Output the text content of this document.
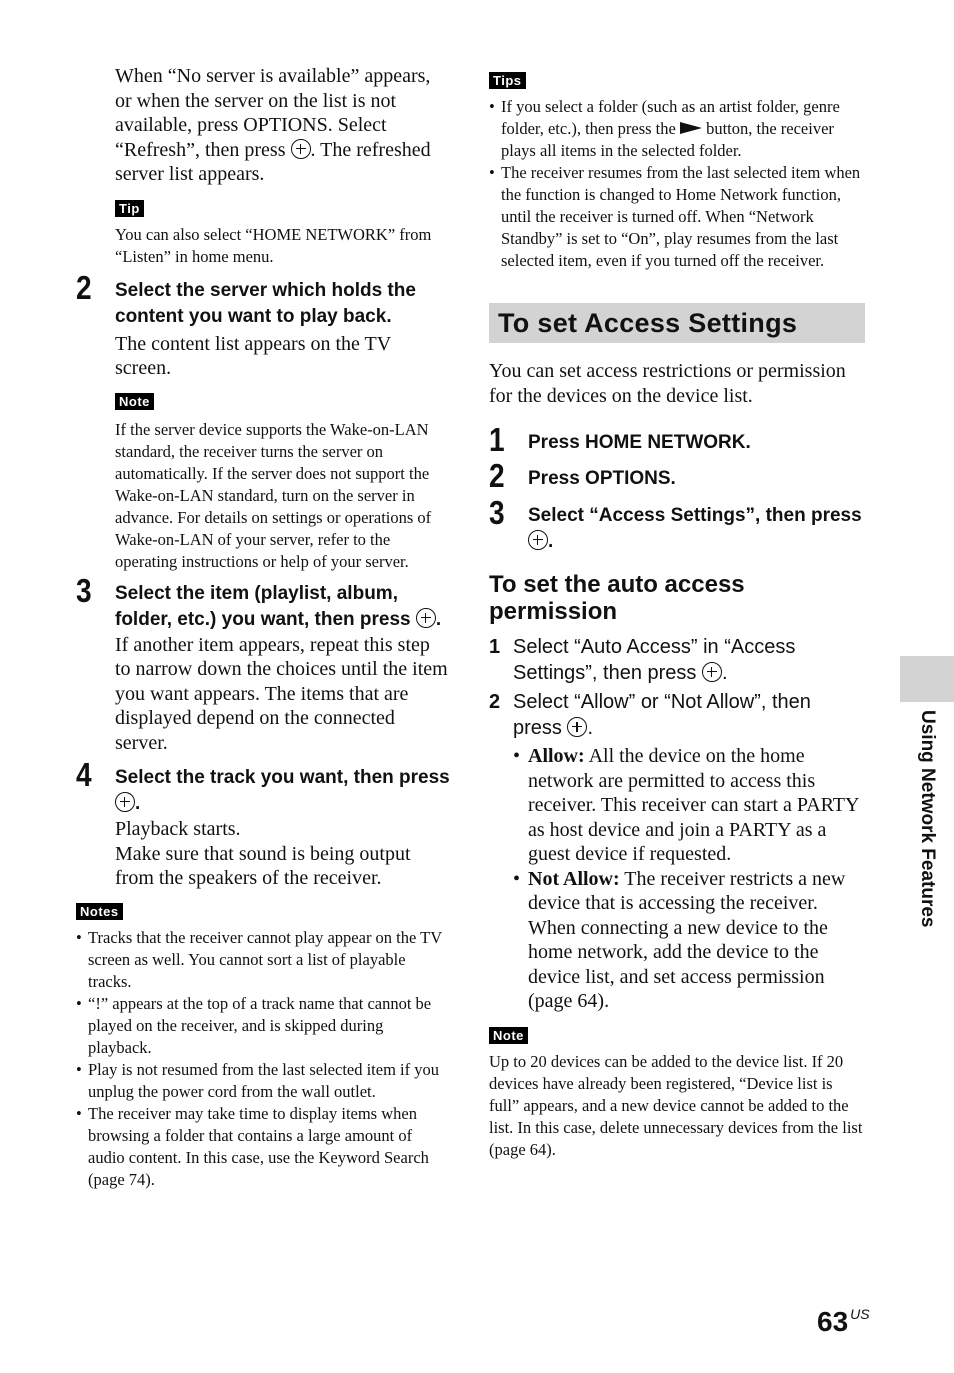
When “No server is available” appears, or when the server on the list is not available, press OPTIONS. Select “Refresh”, then press . The refreshed server list appears.

Tip

You can also select “HOME NETWORK” from “Listen” in home menu.

2 Select the server which holds the content you want to play back.

The content list appears on the TV screen.

Note

If the server device supports the Wake-on-LAN standard, the receiver turns the server on automatically. If the server does not support the Wake-on-LAN standard, turn on the server in advance. For details on settings or operations of Wake-on-LAN of your server, refer to the operating instructions or help of your server.

3 Select the item (playlist, album, folder, etc.) you want, then press .

If another item appears, repeat this step to narrow down the choices until the item you want appears. The items that are displayed depend on the connected server.

4 Select the track you want, then press .

Playback starts.

Make sure that sound is being output from the speakers of the receiver.

Notes
• Tracks that the receiver cannot play appear on the TV screen as well. You cannot sort a list of playable tracks.
• “!” appears at the top of a track name that cannot be played on the receiver, and is skipped during playback.
• Play is not resumed from the last selected item if you unplug the power cord from the wall outlet.
• The receiver may take time to display items when browsing a folder that contains a large amount of audio content. In this case, use the Keyword Search (page 74).
Tips
• If you select a folder (such as an artist folder, genre folder, etc.), then press the  button, the receiver plays all items in the selected folder.
• The receiver resumes from the last selected item when the function is changed to Home Network function, until the receiver is turned off. When “Network Standby” is set to “On”, play resumes from the last selected item, even if you turned off the receiver.
To set Access Settings

You can set access restrictions or permission for the devices on the device list.

1 Press HOME NETWORK.

2 Press OPTIONS.

3 Select “Access Settings”, then press .

To set the auto access permission
1 Select “Auto Access” in “Access Settings”, then press .
2 Select “Allow” or “Not Allow”, then press .
• Allow: All the device on the home network are permitted to access this receiver. This receiver can start a PARTY as host device and join a PARTY as a guest device if requested.
• Not Allow: The receiver restricts a new device that is accessing the receiver. When connecting a new device to the home network, add the device to the device list, and set access permission (page 64).
Note

Up to 20 devices can be added to the device list. If 20 devices have already been registered, “Device list is full” appears, and a new device cannot be added to the list. In this case, delete unnecessary devices from the list (page 64).

Using Network Features
63 $^{US}$
